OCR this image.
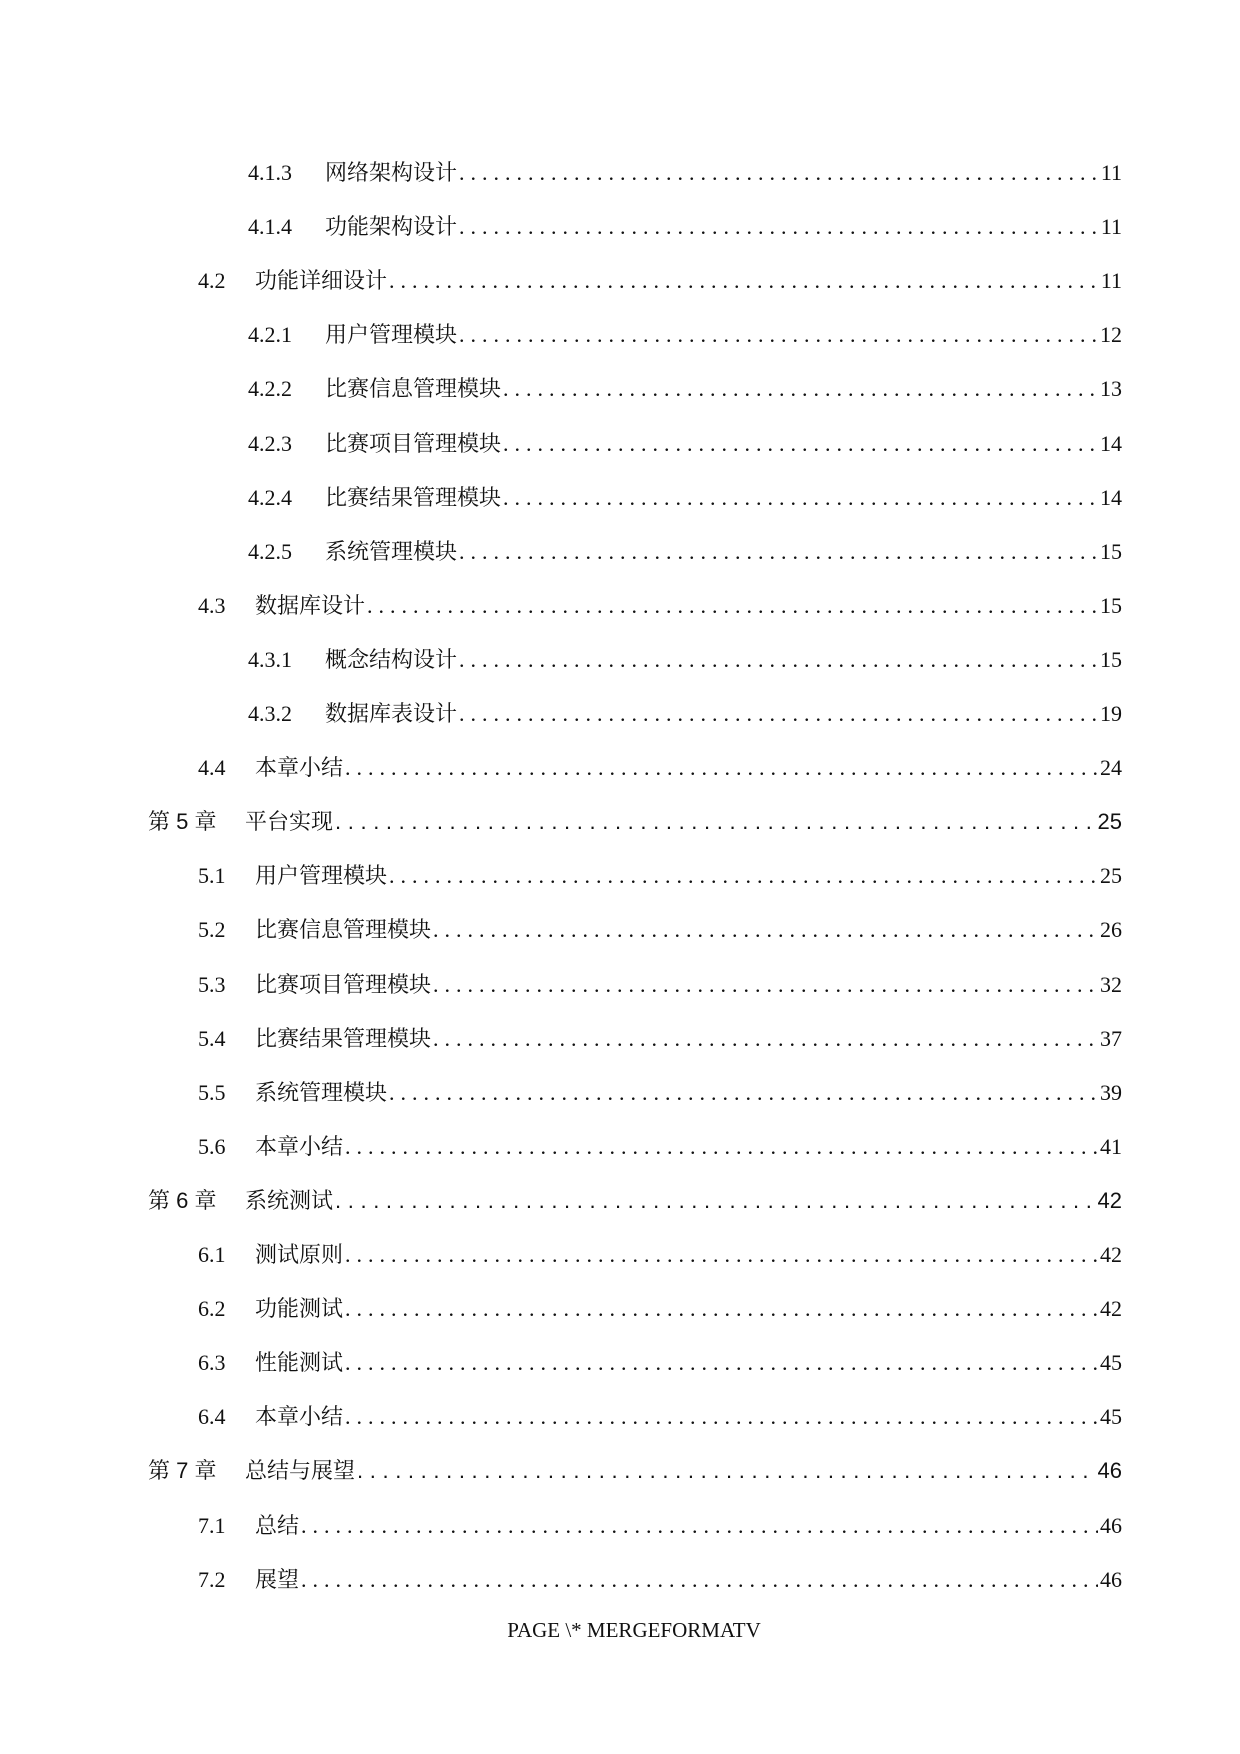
4.1.3	网络架构设计 . . .	11
4.1.4	功能架构设计 . . .	11
4.2	功能详细设计 . . .	11
4.2.1	用户管理模块 . . .	12
4.2.2	比赛信息管理模块 . . .	13
4.2.3	比赛项目管理模块 . . .	14
4.2.4	比赛结果管理模块 . . .	14
4.2.5	系统管理模块 . . .	15
4.3	数据库设计 . . .	15
4.3.1	概念结构设计 . . .	15
4.3.2	数据库表设计 . . .	19
4.4	本章小结 . . .	24
第 5 章	平台实现 . . .	25
5.1	用户管理模块 . . .	25
5.2	比赛信息管理模块 . . .	26
5.3	比赛项目管理模块 . . .	32
5.4	比赛结果管理模块 . . .	37
5.5	系统管理模块 . . .	39
5.6	本章小结 . . .	41
第 6 章	系统测试 . . .	42
6.1	测试原则 . . .	42
6.2	功能测试 . . .	42
6.3	性能测试 . . .	45
6.4	本章小结 . . .	45
第 7 章	总结与展望 . . .	46
7.1	总结 . . .	46
7.2	展望 . . .	46
PAGE \* MERGEFORMATV
